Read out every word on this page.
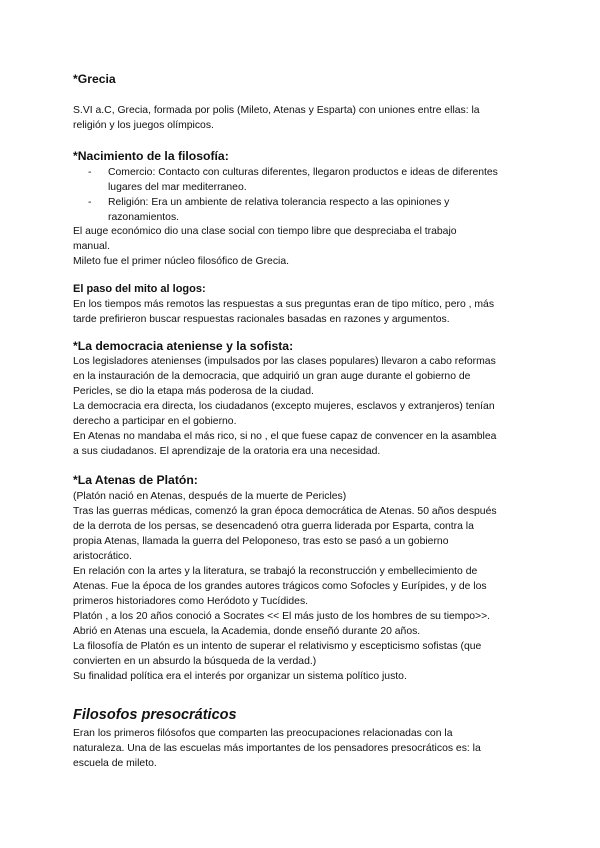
*Grecia
S.VI a.C, Grecia, formada por polis (Mileto, Atenas y Esparta) con uniones entre ellas: la
religión y los juegos olímpicos.
*Nacimiento de la filosofía:
- Comercio: Contacto con culturas diferentes, llegaron productos e ideas de diferentes
lugares del mar mediterraneo.
- Religión: Era un ambiente de relativa tolerancia respecto a las opiniones y
razonamientos.
El auge económico dio una clase social con tiempo libre que despreciaba el trabajo
manual.
Mileto fue el primer núcleo filosófico de Grecia.
El paso del mito al logos:
En los tiempos más remotos las respuestas a sus preguntas eran de tipo mítico, pero , más
tarde prefirieron buscar respuestas racionales basadas en razones y argumentos.
*La democracia ateniense y la sofista:
Los legisladores atenienses (impulsados por las clases populares) llevaron a cabo reformas
en la instauración de la democracia, que adquirió un gran auge durante el gobierno de
Pericles, se dio la etapa más poderosa de la ciudad.
La democracia era directa, los ciudadanos (excepto mujeres, esclavos y extranjeros) tenían
derecho a participar en el gobierno.
En Atenas no mandaba el más rico, si no , el que fuese capaz de convencer en la asamblea
a sus ciudadanos. El aprendizaje de la oratoria era una necesidad.
*La Atenas de Platón:
(Platón nació en Atenas, después de la muerte de Pericles)
Tras las guerras médicas, comenzó la gran época democrática de Atenas. 50 años después
de la derrota de los persas, se desencadenó otra guerra liderada por Esparta, contra la
propia Atenas, llamada la guerra del Peloponeso, tras esto se pasó a un gobierno
aristocrático.
En relación con la artes y la literatura, se trabajó la reconstrucción y embellecimiento de
Atenas. Fue la época de los grandes autores trágicos como Sofocles y Eurípides, y de los
primeros historiadores como Heródoto y Tucídides.
Platón , a los 20 años conoció a Socrates << El más justo de los hombres de su tiempo>>.
Abrió en Atenas una escuela, la Academia, donde enseñó durante 20 años.
La filosofía de Platón es un intento de superar el relativismo y escepticismo sofistas (que
convierten en un absurdo la búsqueda de la verdad.)
Su finalidad política era el interés por organizar un sistema político justo.
Filosofos presocráticos
Eran los primeros filósofos que comparten las preocupaciones relacionadas con la
naturaleza. Una de las escuelas más importantes de los pensadores presocráticos es: la
escuela de mileto.
